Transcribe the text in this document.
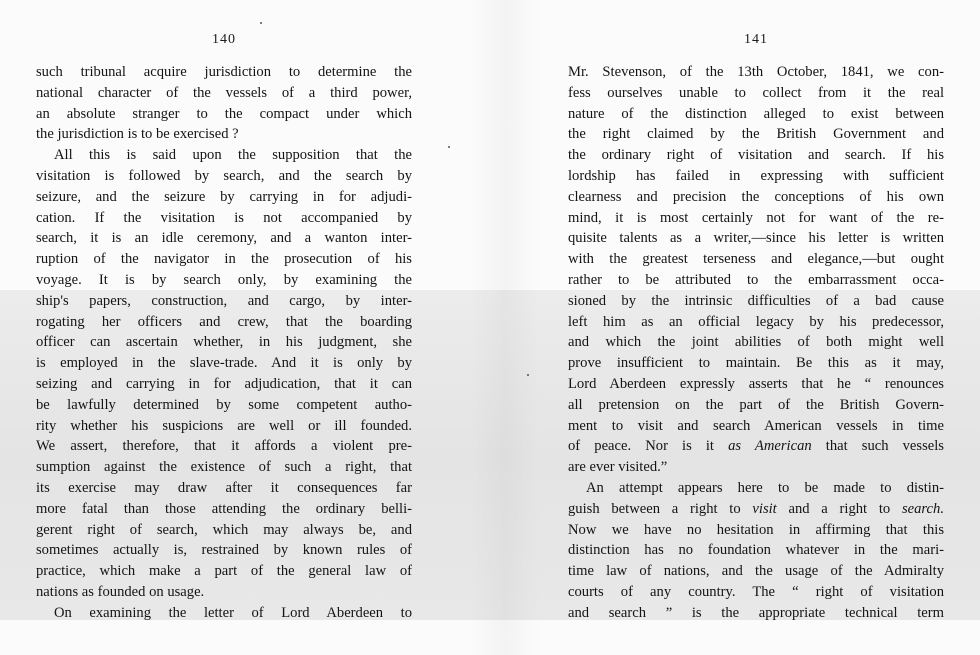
140
such tribunal acquire jurisdiction to determine the
national character of the vessels of a third power,
an absolute stranger to the compact under which
the jurisdiction is to be exercised ?
All this is said upon the supposition that the
visitation is followed by search, and the search by
seizure, and the seizure by carrying in for adjudi-
cation. If the visitation is not accompanied by
search, it is an idle ceremony, and a wanton inter-
ruption of the navigator in the prosecution of his
voyage. It is by search only, by examining the
ship's papers, construction, and cargo, by inter-
rogating her officers and crew, that the boarding
officer can ascertain whether, in his judgment, she
is employed in the slave-trade. And it is only by
seizing and carrying in for adjudication, that it can
be lawfully determined by some competent autho-
rity whether his suspicions are well or ill founded.
We assert, therefore, that it affords a violent pre-
sumption against the existence of such a right, that
its exercise may draw after it consequences far
more fatal than those attending the ordinary belli-
gerent right of search, which may always be, and
sometimes actually is, restrained by known rules of
practice, which make a part of the general law of
nations as founded on usage.
On examining the letter of Lord Aberdeen to
141
Mr. Stevenson, of the 13th October, 1841, we con-
fess ourselves unable to collect from it the real
nature of the distinction alleged to exist between
the right claimed by the British Government and
the ordinary right of visitation and search. If his
lordship has failed in expressing with sufficient
clearness and precision the conceptions of his own
mind, it is most certainly not for want of the re-
quisite talents as a writer,—since his letter is written
with the greatest terseness and elegance,—but ought
rather to be attributed to the embarrassment occa-
sioned by the intrinsic difficulties of a bad cause
left him as an official legacy by his predecessor,
and which the joint abilities of both might well
prove insufficient to maintain. Be this as it may,
Lord Aberdeen expressly asserts that he “ renounces
all pretension on the part of the British Govern-
ment to visit and search American vessels in time
of peace. Nor is it as American that such vessels
are ever visited.”
An attempt appears here to be made to distin-
guish between a right to visit and a right to search.
Now we have no hesitation in affirming that this
distinction has no foundation whatever in the mari-
time law of nations, and the usage of the Admiralty
courts of any country. The “ right of visitation
and search ” is the appropriate technical term
